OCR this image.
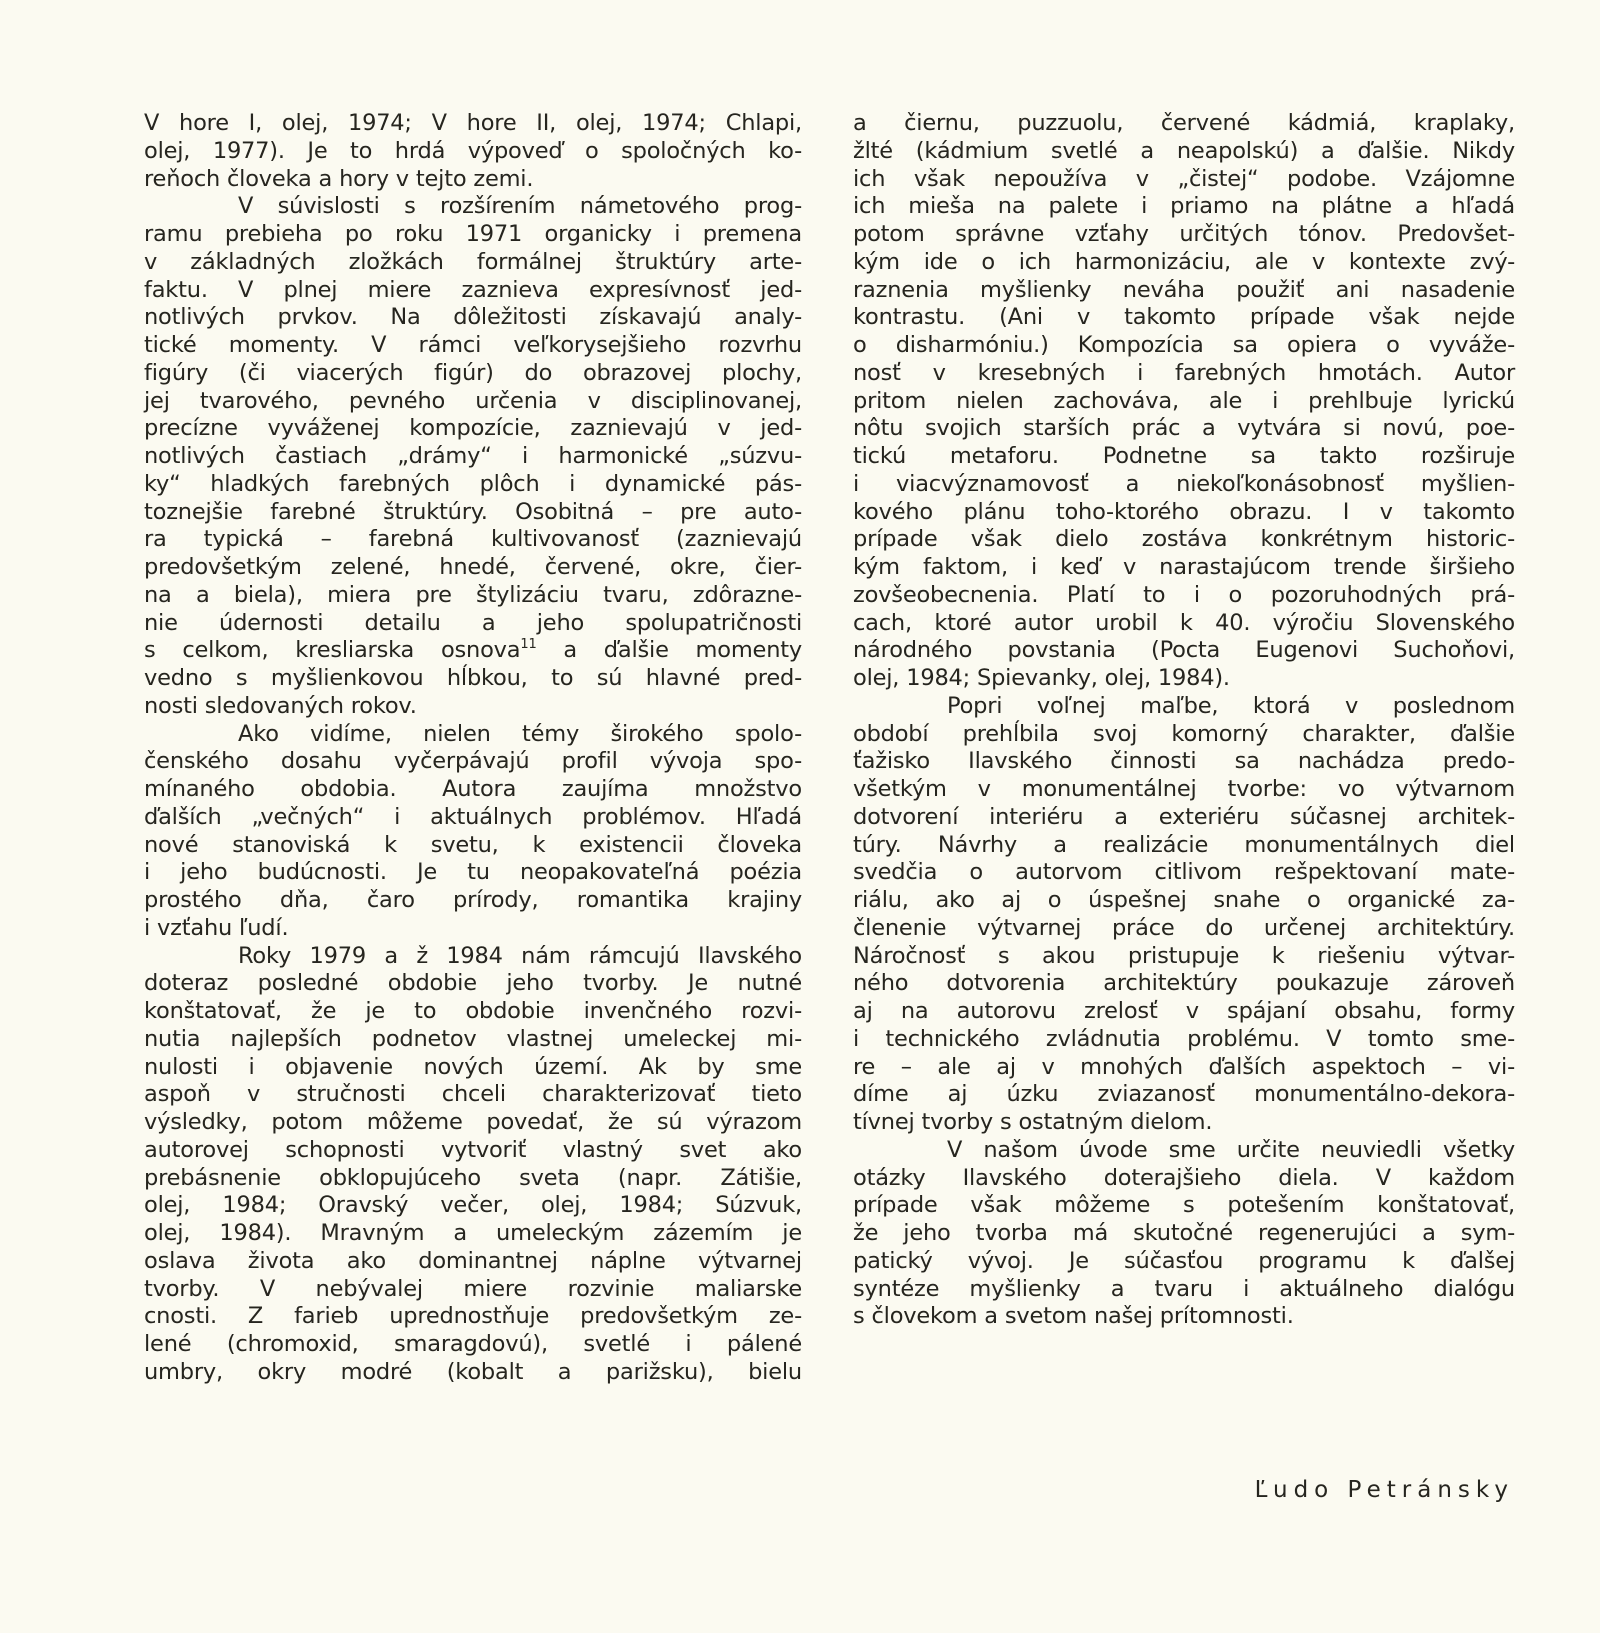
V hore I, olej, 1974; V hore II, olej, 1974; Chlapi,
olej, 1977). Je to hrdá výpoveď o spoločných ko-
reňoch človeka a hory v tejto zemi.
V súvislosti s rozšírením námetového prog-
ramu prebieha po roku 1971 organicky i premena
v základných zložkách formálnej štruktúry arte-
faktu. V plnej miere zaznieva expresívnosť jed-
notlivých prvkov. Na dôležitosti získavajú analy-
tické momenty. V rámci veľkorysejšieho rozvrhu
figúry (či viacerých figúr) do obrazovej plochy,
jej tvarového, pevného určenia v disciplinovanej,
precízne vyváženej kompozície, zaznievajú v jed-
notlivých častiach „drámy“ i harmonické „súzvu-
ky“ hladkých farebných plôch i dynamické pás-
toznejšie farebné štruktúry. Osobitná – pre auto-
ra typická – farebná kultivovanosť (zaznievajú
predovšetkým zelené, hnedé, červené, okre, čier-
na a biela), miera pre štylizáciu tvaru, zdôrazne-
nie údernosti detailu a jeho spolupatričnosti
s celkom, kresliarska osnova$^{11}$ a ďalšie momenty
vedno s myšlienkovou hĺbkou, to sú hlavné pred-
nosti sledovaných rokov.
Ako vidíme, nielen témy širokého spolo-
čenského dosahu vyčerpávajú profil vývoja spo-
mínaného obdobia. Autora zaujíma množstvo
ďalších „večných“ i aktuálnych problémov. Hľadá
nové stanoviská k svetu, k existencii človeka
i jeho budúcnosti. Je tu neopakovateľná poézia
prostého dňa, čaro prírody, romantika krajiny
i vzťahu ľudí.
Roky 1979 a ž 1984 nám rámcujú Ilavského
doteraz posledné obdobie jeho tvorby. Je nutné
konštatovať, že je to obdobie invenčného rozvi-
nutia najlepších podnetov vlastnej umeleckej mi-
nulosti i objavenie nových území. Ak by sme
aspoň v stručnosti chceli charakterizovať tieto
výsledky, potom môžeme povedať, že sú výrazom
autorovej schopnosti vytvoriť vlastný svet ako
prebásnenie obklopujúceho sveta (napr. Zátišie,
olej, 1984; Oravský večer, olej, 1984; Súzvuk,
olej, 1984). Mravným a umeleckým zázemím je
oslava života ako dominantnej náplne výtvarnej
tvorby. V nebývalej miere rozvinie maliarske
cnosti. Z farieb uprednostňuje predovšetkým ze-
lené (chromoxid, smaragdovú), svetlé i pálené
umbry, okry modré (kobalt a parižsku), bielu
a čiernu, puzzuolu, červené kádmiá, kraplaky,
žlté (kádmium svetlé a neapolskú) a ďalšie. Nikdy
ich však nepoužíva v „čistej“ podobe. Vzájomne
ich mieša na palete i priamo na plátne a hľadá
potom správne vzťahy určitých tónov. Predovšet-
kým ide o ich harmonizáciu, ale v kontexte zvý-
raznenia myšlienky neváha použiť ani nasadenie
kontrastu. (Ani v takomto prípade však nejde
o disharmóniu.) Kompozícia sa opiera o vyváže-
nosť v kresebných i farebných hmotách. Autor
pritom nielen zachováva, ale i prehlbuje lyrickú
nôtu svojich starších prác a vytvára si novú, poe-
tickú metaforu. Podnetne sa takto rozširuje
i viacvýznamovosť a niekoľkonásobnosť myšlien-
kového plánu toho-ktorého obrazu. I v takomto
prípade však dielo zostáva konkrétnym historic-
kým faktom, i keď v narastajúcom trende širšieho
zovšeobecnenia. Platí to i o pozoruhodných prá-
cach, ktoré autor urobil k 40. výročiu Slovenského
národného povstania (Pocta Eugenovi Suchoňovi,
olej, 1984; Spievanky, olej, 1984).
Popri voľnej maľbe, ktorá v poslednom
období prehĺbila svoj komorný charakter, ďalšie
ťažisko Ilavského činnosti sa nachádza predo-
všetkým v monumentálnej tvorbe: vo výtvarnom
dotvorení interiéru a exteriéru súčasnej architek-
túry. Návrhy a realizácie monumentálnych diel
svedčia o autorvom citlivom rešpektovaní mate-
riálu, ako aj o úspešnej snahe o organické za-
členenie výtvarnej práce do určenej architektúry.
Náročnosť s akou pristupuje k riešeniu výtvar-
ného dotvorenia architektúry poukazuje zároveň
aj na autorovu zrelosť v spájaní obsahu, formy
i technického zvládnutia problému. V tomto sme-
re – ale aj v mnohých ďalších aspektoch – vi-
díme aj úzku zviazanosť monumentálno-dekora-
tívnej tvorby s ostatným dielom.
V našom úvode sme určite neuviedli všetky
otázky Ilavského doterajšieho diela. V každom
prípade však môžeme s potešením konštatovať,
že jeho tvorba má skutočné regenerujúci a sym-
patický vývoj. Je súčasťou programu k ďalšej
syntéze myšlienky a tvaru i aktuálneho dialógu
s človekom a svetom našej prítomnosti.
Ľudo Petránsky
